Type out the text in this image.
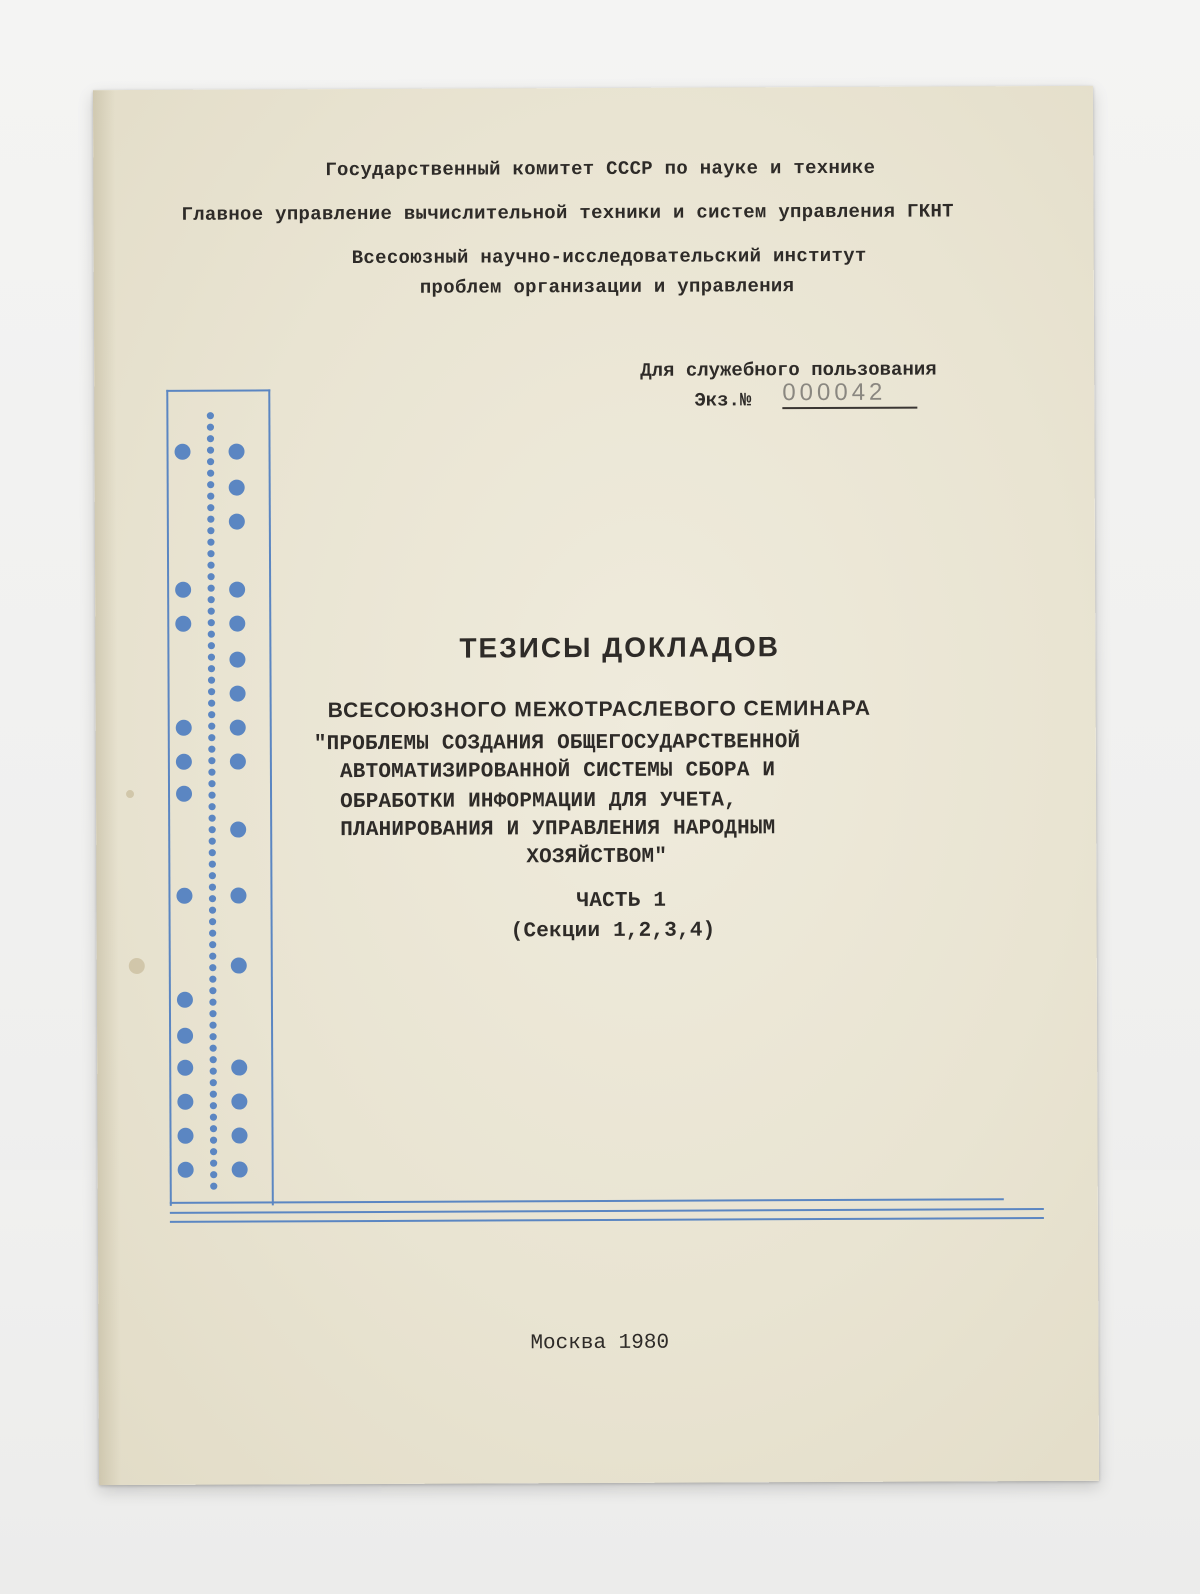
Государственный комитет СССР по науке и технике
Главное управление вычислительной техники и систем управления ГКНТ
Всесоюзный научно-исследовательский институт
проблем организации и управления
Для служебного пользования
Экз.№ 000042
ТЕЗИСЫ ДОКЛАДОВ
ВСЕСОЮЗНОГО МЕЖОТРАСЛЕВОГО СЕМИНАРА
"ПРОБЛЕМЫ СОЗДАНИЯ ОБЩЕГОСУДАРСТВЕННОЙ
АВТОМАТИЗИРОВАННОЙ СИСТЕМЫ СБОРА И
ОБРАБОТКИ ИНФОРМАЦИИ ДЛЯ УЧЕТА,
ПЛАНИРОВАНИЯ И УПРАВЛЕНИЯ НАРОДНЫМ
ХОЗЯЙСТВОМ"
ЧАСТЬ 1
(Секции 1,2,3,4)
Москва 1980
